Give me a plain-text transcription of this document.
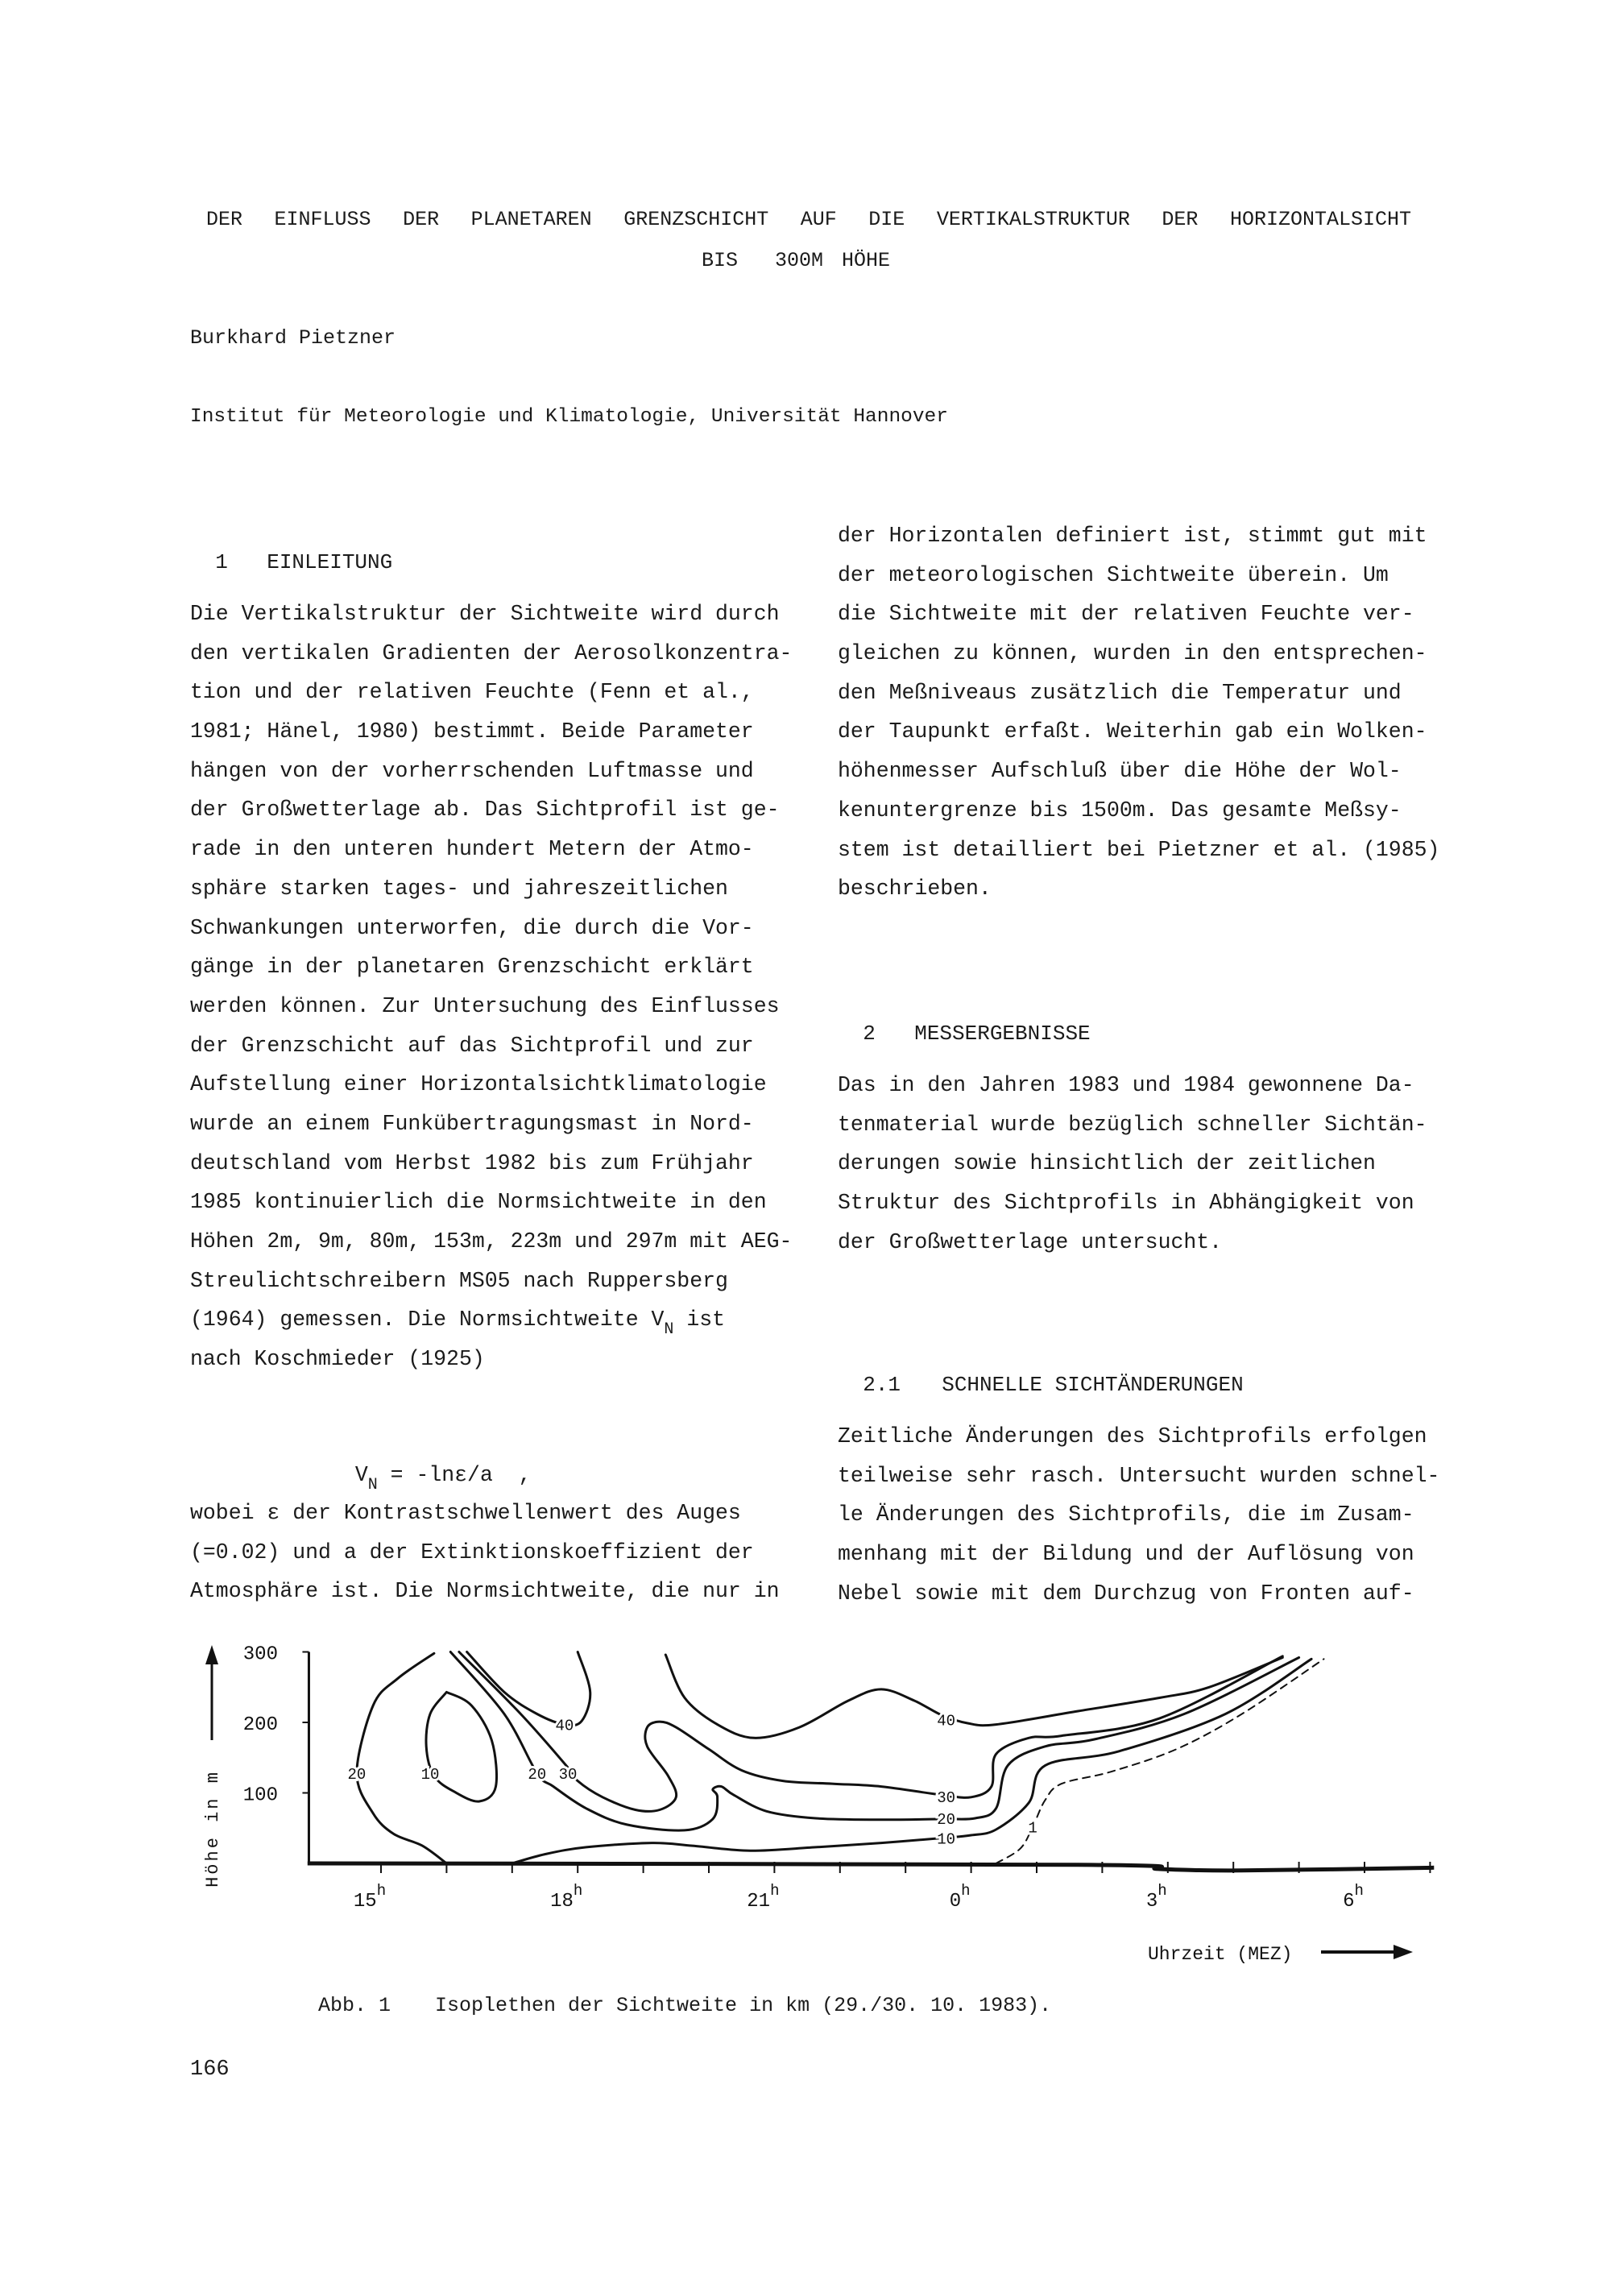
DER EINFLUSS DER PLANETAREN GRENZSCHICHT AUF DIE VERTIKALSTRUKTUR DER HORIZONTALSICHT
BIS  300M HÖHE
Burkhard Pietzner
Institut für Meteorologie und Klimatologie, Universität Hannover

1 EINLEITUNG

Die Vertikalstruktur der Sichtweite wird durch
den vertikalen Gradienten der Aerosolkonzentra-
tion und der relativen Feuchte (Fenn et al.,
1981; Hänel, 1980) bestimmt. Beide Parameter
hängen von der vorherrschenden Luftmasse und
der Großwetterlage ab. Das Sichtprofil ist ge-
rade in den unteren hundert Metern der Atmo-
sphäre starken tages- und jahreszeitlichen
Schwankungen unterworfen, die durch die Vor-
gänge in der planetaren Grenzschicht erklärt
werden können. Zur Untersuchung des Einflusses
der Grenzschicht auf das Sichtprofil und zur
Aufstellung einer Horizontalsichtklimatologie
wurde an einem Funkübertragungsmast in Nord-
deutschland vom Herbst 1982 bis zum Frühjahr
1985 kontinuierlich die Normsichtweite in den
Höhen 2m, 9m, 80m, 153m, 223m und 297m mit AEG-
Streulichtschreibern MS05 nach Ruppersberg
(1964) gemessen. Die Normsichtweite $V_N$ ist
nach Koschmieder (1925)

$V_N = -\ln\varepsilon/a$  ,

wobei ε der Kontrastschwellenwert des Auges
(=0.02) und a der Extinktionskoeffizient der
Atmosphäre ist. Die Normsichtweite, die nur in
der Horizontalen definiert ist, stimmt gut mit
der meteorologischen Sichtweite überein. Um
die Sichtweite mit der relativen Feuchte ver-
gleichen zu können, wurden in den entsprechen-
den Meßniveaus zusätzlich die Temperatur und
der Taupunkt erfaßt. Weiterhin gab ein Wolken-
höhenmesser Aufschluß über die Höhe der Wol-
kenuntergrenze bis 1500m. Das gesamte Meßsy-
stem ist detailliert bei Pietzner et al. (1985)
beschrieben.

2 MESSERGEBNISSE

Das in den Jahren 1983 und 1984 gewonnene Da-
tenmaterial wurde bezüglich schneller Sichtän-
derungen sowie hinsichtlich der zeitlichen
Struktur des Sichtprofils in Abhängigkeit von
der Großwetterlage untersucht.

2.1 SCHNELLE SICHTÄNDERUNGEN

Zeitliche Änderungen des Sichtprofils erfolgen
teilweise sehr rasch. Untersucht wurden schnel-
le Änderungen des Sichtprofils, die im Zusam-
menhang mit der Bildung und der Auflösung von
Nebel sowie mit dem Durchzug von Fronten auf-
Höhe in m
Uhrzeit (MEZ)
100
200
300
15$^h$	18$^h$	21$^h$	0$^h$	3$^h$	6$^h$
20	10	20 30
40	40
30
20
10
1
Abb. 1 Isoplethen der Sichtweite in km (29./30. 10. 1983).
166
